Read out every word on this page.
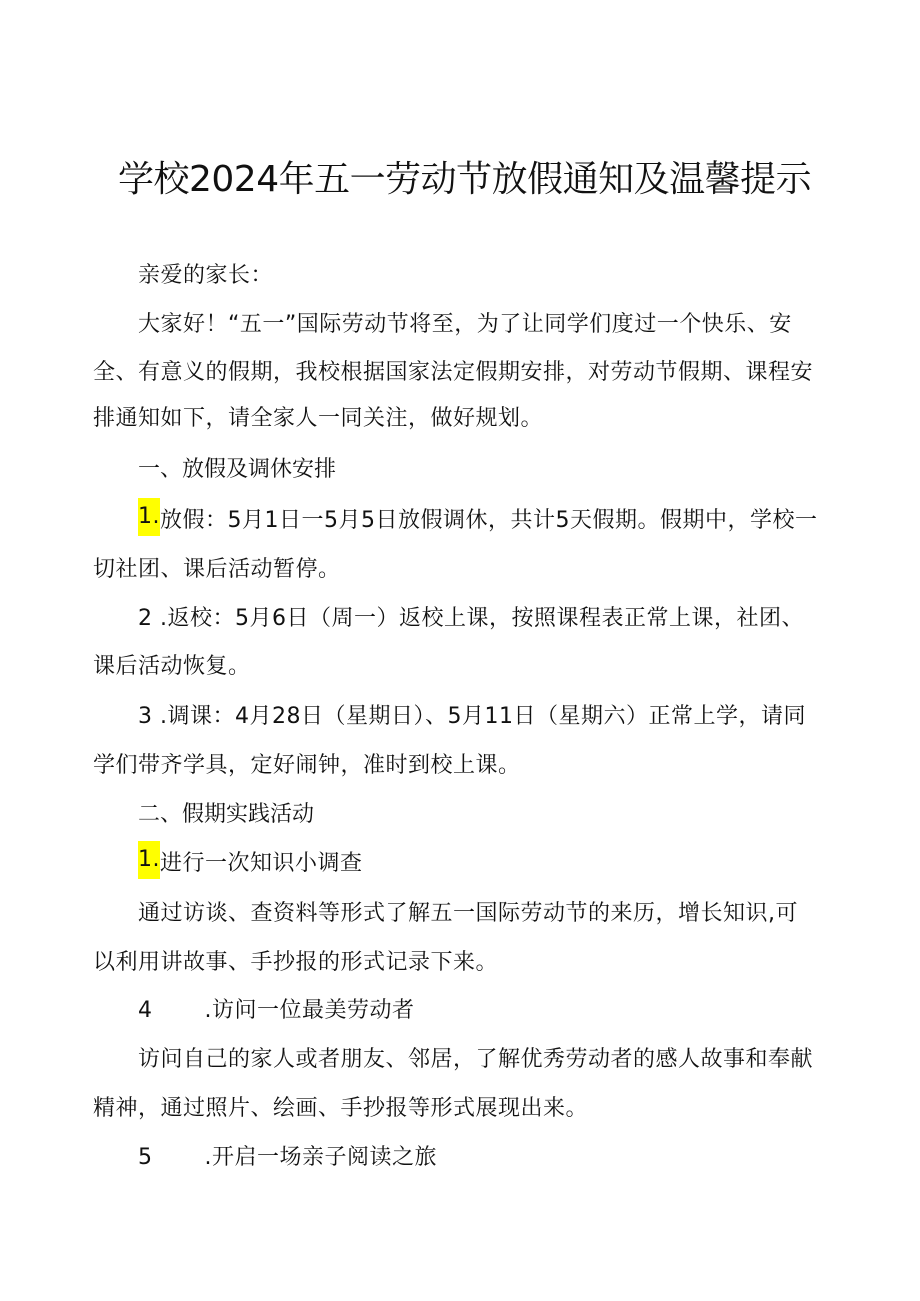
学校2024年五一劳动节放假通知及温馨提示
亲爱的家长：
大家好！“五一”国际劳动节将至，为了让同学们度过一个快乐、安
全、有意义的假期，我校根据国家法定假期安排，对劳动节假期、课程安
排通知如下，请全家人一同关注，做好规划。
一、放假及调休安排
1.放假：5月1日一5月5日放假调休，共计5天假期。假期中，学校一
切社团、课后活动暂停。
2 .返校：5月6日（周一）返校上课，按照课程表正常上课，社团、
课后活动恢复。
3 .调课：4月28日（星期日）、5月11日（星期六）正常上学，请同
学们带齐学具，定好闹钟，准时到校上课。
二、假期实践活动
1.进行一次知识小调查
通过访谈、查资料等形式了解五一国际劳动节的来历，增长知识,可
以利用讲故事、手抄报的形式记录下来。
4 .访问一位最美劳动者
访问自己的家人或者朋友、邻居，了解优秀劳动者的感人故事和奉献
精神，通过照片、绘画、手抄报等形式展现出来。
5 .开启一场亲子阅读之旅
